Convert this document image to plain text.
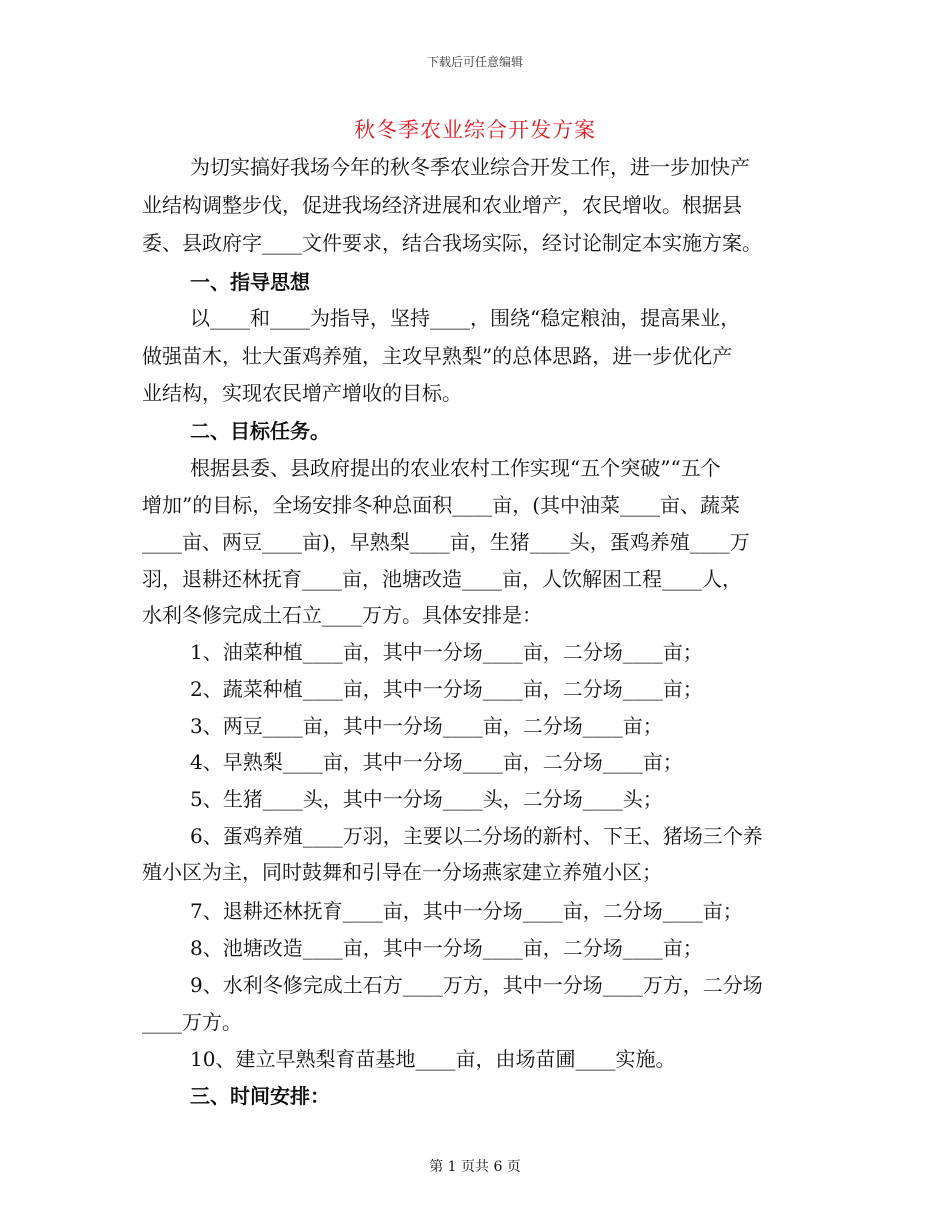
下载后可任意编辑
秋冬季农业综合开发方案
为切实搞好我场今年的秋冬季农业综合开发工作，进一步加快产
业结构调整步伐，促进我场经济进展和农业增产，农民增收。根据县
委、县政府字____文件要求，结合我场实际，经讨论制定本实施方案。
一、指导思想
以____和____为指导，坚持____，围绕“稳定粮油，提高果业，
做强苗木，壮大蛋鸡养殖，主攻早熟梨”的总体思路，进一步优化产
业结构，实现农民增产增收的目标。
二、目标任务。
根据县委、县政府提出的农业农村工作实现“五个突破”“五个
增加”的目标，全场安排冬种总面积____亩，(其中油菜____亩、蔬菜
____亩、两豆____亩)，早熟梨____亩，生猪____头，蛋鸡养殖____万
羽，退耕还林抚育____亩，池塘改造____亩，人饮解困工程____人，
水利冬修完成土石立____万方。具体安排是：
1、油菜种植____亩，其中一分场____亩，二分场____亩；
2、蔬菜种植____亩，其中一分场____亩，二分场____亩；
3、两豆____亩，其中一分场____亩，二分场____亩；
4、早熟梨____亩，其中一分场____亩，二分场____亩；
5、生猪____头，其中一分场____头，二分场____头；
6、蛋鸡养殖____万羽，主要以二分场的新村、下王、猪场三个养
殖小区为主，同时鼓舞和引导在一分场燕家建立养殖小区；
7、退耕还林抚育____亩，其中一分场____亩，二分场____亩；
8、池塘改造____亩，其中一分场____亩，二分场____亩；
9、水利冬修完成土石方____万方，其中一分场____万方，二分场
____万方。
10、建立早熟梨育苗基地____亩，由场苗圃____实施。
三、时间安排：
第 1 页共 6 页
